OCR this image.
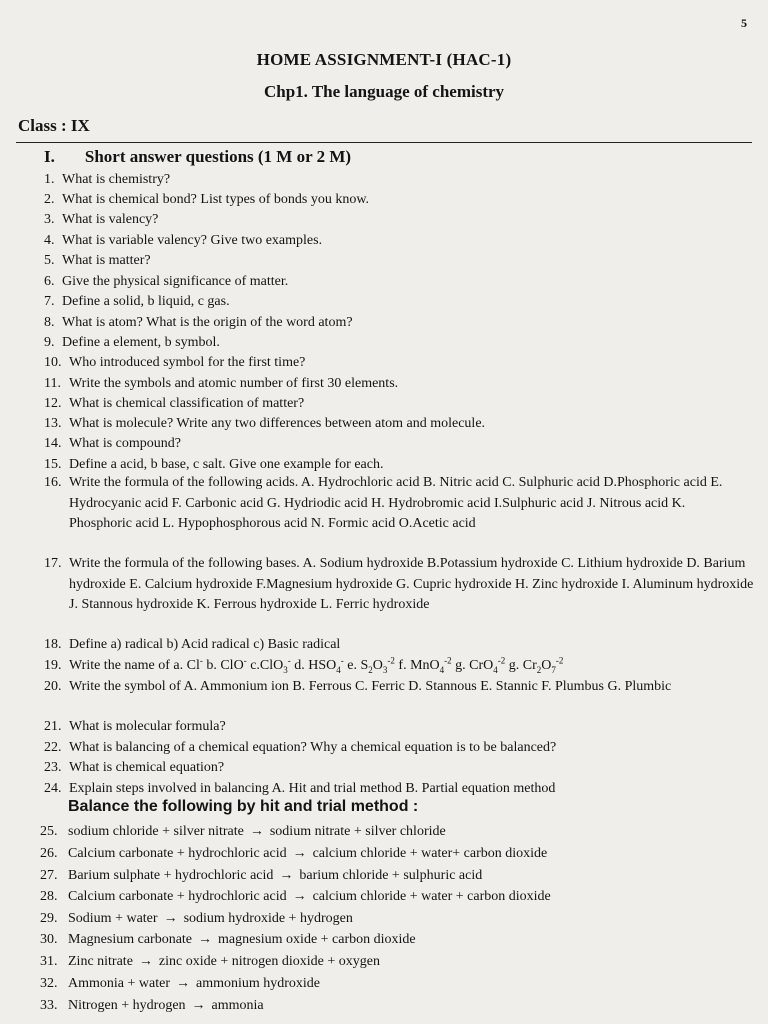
5
HOME ASSIGNMENT-I (HAC-1)
Chp1. The language of chemistry
Class : IX
I. Short answer questions (1 M or 2 M)
1. What is chemistry?
2. What is chemical bond? List types of bonds you know.
3. What is valency?
4. What is variable valency? Give two examples.
5. What is matter?
6. Give the physical significance of matter.
7. Define a solid, b liquid, c gas.
8. What is atom? What is the origin of the word atom?
9. Define a element, b symbol.
10. Who introduced symbol for the first time?
11. Write the symbols and atomic number of first 30 elements.
12. What is chemical classification of matter?
13. What is molecule? Write any two differences between atom and molecule.
14. What is compound?
15. Define a acid, b base, c salt. Give one example for each.
16. Write the formula of the following acids. A. Hydrochloric acid B. Nitric acid C. Sulphuric acid D.Phosphoric acid E. Hydrocyanic acid F. Carbonic acid G. Hydriodic acid H. Hydrobromic acid I.Sulphuric acid J. Nitrous acid K. Phosphoric acid L. Hypophosphorous acid N. Formic acid O.Acetic acid
17. Write the formula of the following bases. A. Sodium hydroxide B.Potassium hydroxide C. Lithium hydroxide D. Barium hydroxide E. Calcium hydroxide F.Magnesium hydroxide G. Cupric hydroxide H. Zinc hydroxide I. Aluminum hydroxide J. Stannous hydroxide K. Ferrous hydroxide L. Ferric hydroxide
18. Define a) radical b) Acid radical c) Basic radical
19. Write the name of a. Cl- b. ClO- c.ClO$_3$- d. $HSO_4^-$ e. $S_2O_3^{-2}$ f. MnO$_4^{-2}$ g. CrO$_4^{-2}$ g. $Cr_2O_7^{-2}$
20. Write the symbol of A. Ammonium ion B. Ferrous C. Ferric D. Stannous E. Stannic F. Plumbus G. Plumbic
21. What is molecular formula?
22. What is balancing of a chemical equation? Why a chemical equation is to be balanced?
23. What is chemical equation?
24. Explain steps involved in balancing A. Hit and trial method B. Partial equation method
Balance the following by hit and trial method :
25. sodium chloride + silver nitrate → sodium nitrate + silver chloride
26. Calcium carbonate + hydrochloric acid → calcium chloride + water+ carbon dioxide
27. Barium sulphate + hydrochloric acid → barium chloride + sulphuric acid
28. Calcium carbonate + hydrochloric acid → calcium chloride + water + carbon dioxide
29. Sodium + water → sodium hydroxide + hydrogen
30. Magnesium carbonate → magnesium oxide + carbon dioxide
31. Zinc nitrate → zinc oxide + nitrogen dioxide + oxygen
32. Ammonia + water → ammonium hydroxide
33. Nitrogen + hydrogen → ammonia
